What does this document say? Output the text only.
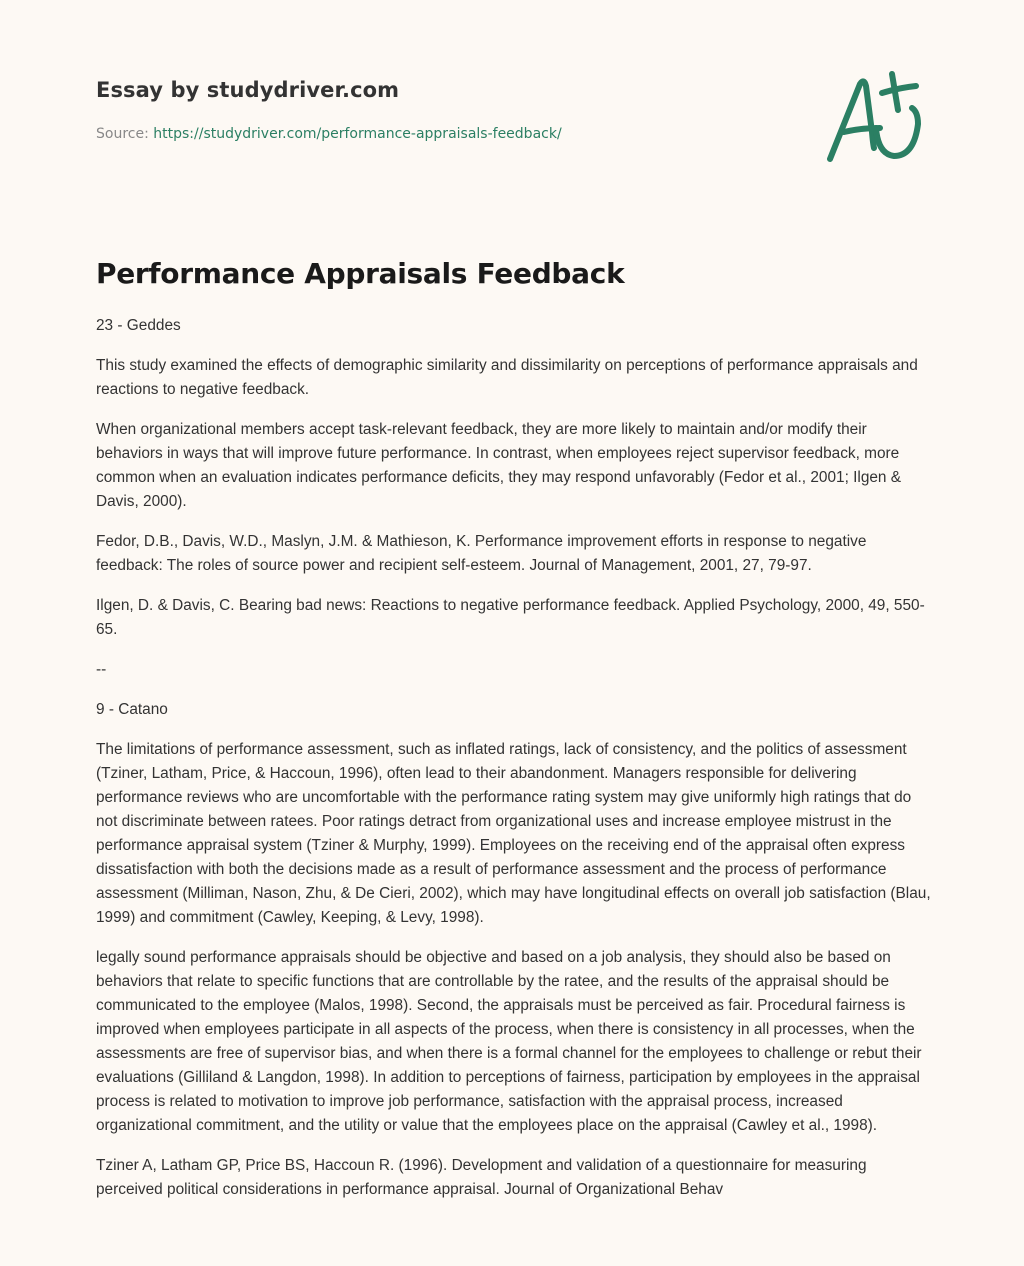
Essay by studydriver.com
Source: https://studydriver.com/performance-appraisals-feedback/
Performance Appraisals Feedback

23 - Geddes

This study examined the effects of demographic similarity and dissimilarity on perceptions of performance appraisals and reactions to negative feedback.

When organizational members accept task-relevant feedback, they are more likely to maintain and/or modify their behaviors in ways that will improve future performance. In contrast, when employees reject supervisor feedback, more common when an evaluation indicates performance deficits, they may respond unfavorably (Fedor et al., 2001; Ilgen & Davis, 2000).

Fedor, D.B., Davis, W.D., Maslyn, J.M. & Mathieson, K. Performance improvement efforts in response to negative feedback: The roles of source power and recipient self-esteem. Journal of Management, 2001, 27, 79-97.

Ilgen, D. & Davis, C. Bearing bad news: Reactions to negative performance feedback. Applied Psychology, 2000, 49, 550-65.

--

9 - Catano

The limitations of performance assessment, such as inflated ratings, lack of consistency, and the politics of assessment (Tziner, Latham, Price, & Haccoun, 1996), often lead to their abandonment. Managers responsible for delivering performance reviews who are uncomfortable with the performance rating system may give uniformly high ratings that do not discriminate between ratees. Poor ratings detract from organizational uses and increase employee mistrust in the performance appraisal system (Tziner & Murphy, 1999). Employees on the receiving end of the appraisal often express dissatisfaction with both the decisions made as a result of performance assessment and the process of performance assessment (Milliman, Nason, Zhu, & De Cieri, 2002), which may have longitudinal effects on overall job satisfaction (Blau, 1999) and commitment (Cawley, Keeping, & Levy, 1998).

legally sound performance appraisals should be objective and based on a job analysis, they should also be based on behaviors that relate to specific functions that are controllable by the ratee, and the results of the appraisal should be communicated to the employee (Malos, 1998). Second, the appraisals must be perceived as fair. Procedural fairness is improved when employees participate in all aspects of the process, when there is consistency in all processes, when the assessments are free of supervisor bias, and when there is a formal channel for the employees to challenge or rebut their evaluations (Gilliland & Langdon, 1998). In addition to perceptions of fairness, participation by employees in the appraisal process is related to motivation to improve job performance, satisfaction with the appraisal process, increased organizational commitment, and the utility or value that the employees place on the appraisal (Cawley et al., 1998).

Tziner A, Latham GP, Price BS, Haccoun R. (1996). Development and validation of a questionnaire for measuring perceived political considerations in performance appraisal. Journal of Organizational Behav
